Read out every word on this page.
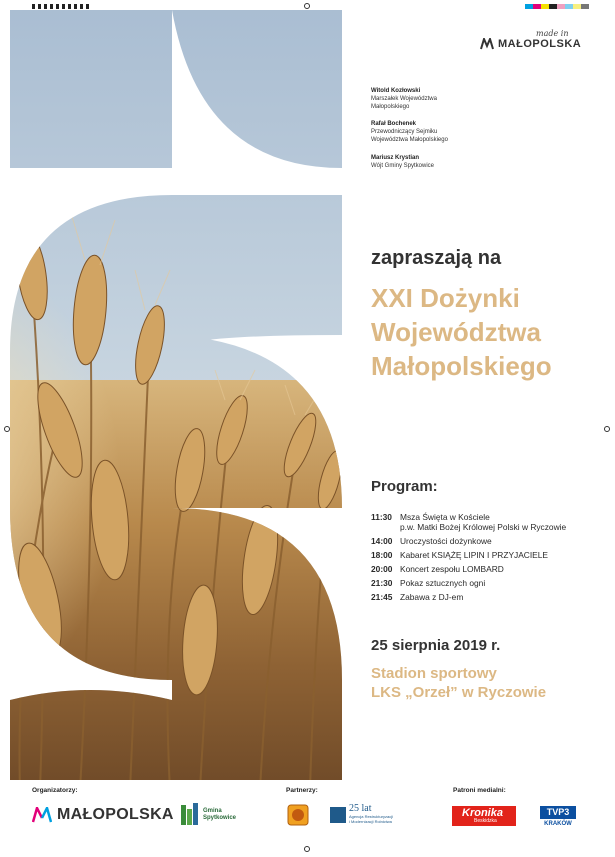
made in
MAŁOPOLSKA
Witold Kozłowski
Marszałek Województwa
Małopolskiego
Rafał Bochenek
Przewodniczący Sejmiku
Województwa Małopolskiego
Mariusz Krystian
Wójt Gminy Spytkowice
zapraszają na
XXI Dożynki
Województwa
Małopolskiego
Program:
11:30 Msza Święta w Kościele
p.w. Matki Bożej Królowej Polski w Ryczowie
14:00 Uroczystości dożynkowe
18:00 Kabaret KSIĄŻĘ LIPIN I PRZYJACIELE
20:00 Koncert zespołu LOMBARD
21:30 Pokaz sztucznych ogni
21:45 Zabawa z DJ-em
25 sierpnia 2019 r.
Stadion sportowy
LKS „Orzeł” w Ryczowie
Organizatorzy:	Partnerzy:	Patroni medialni:
MAŁOPOLSKA	Gmina
Spytkowice
25 lat
Agencja Restrukturyzacji
i Modernizacji Rolnictwa
Kronika
Beskidzka
TVP3
KRAKÓW
